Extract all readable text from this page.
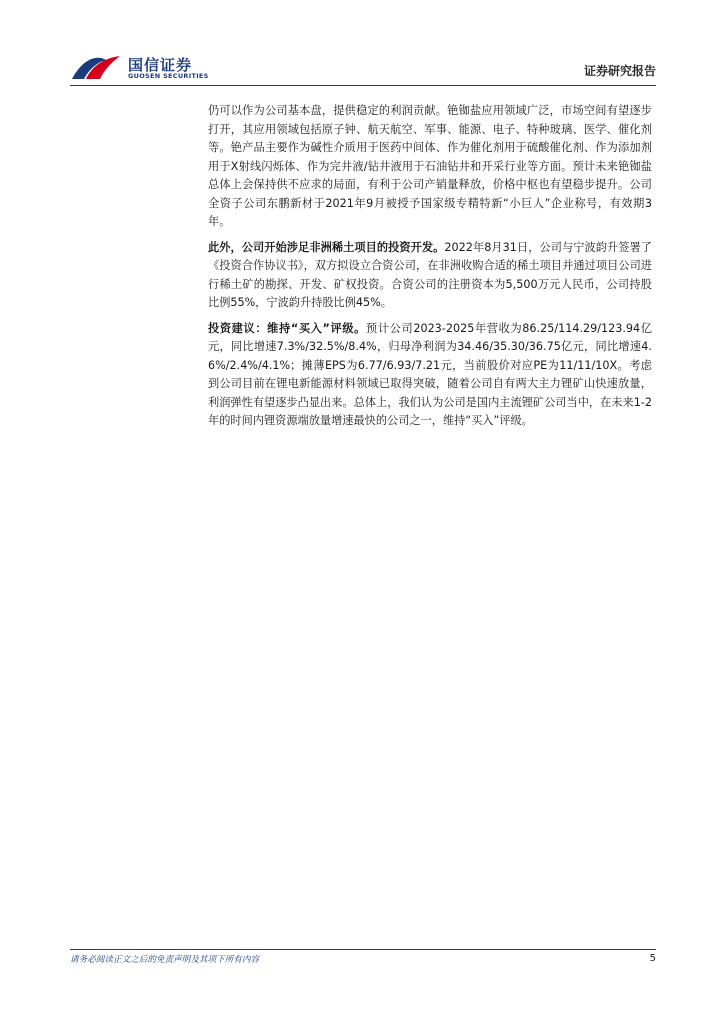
国信证券
GUOSEN SECURITIES	证券研究报告

仍可以作为公司基本盘，提供稳定的利润贡献。铯铷盐应用领域广泛，市场空间有望逐步打开，其应用领域包括原子钟、航天航空、军事、能源、电子、特种玻璃、医学、催化剂等。铯产品主要作为碱性介质用于医药中间体、作为催化剂用于硫酸催化剂、作为添加剂用于X射线闪烁体、作为完井液/钻井液用于石油钻井和开采行业等方面。预计未来铯铷盐总体上会保持供不应求的局面，有利于公司产销量释放，价格中枢也有望稳步提升。公司全资子公司东鹏新材于2021年9月被授予国家级专精特新“小巨人”企业称号，有效期3年。

此外，公司开始涉足非洲稀土项目的投资开发。2022年8月31日，公司与宁波韵升签署了《投资合作协议书》，双方拟设立合资公司，在非洲收购合适的稀土项目并通过项目公司进行稀土矿的勘探、开发、矿权投资。合资公司的注册资本为5,500万元人民币，公司持股比例55%，宁波韵升持股比例45%。

投资建议：维持“买入”评级。预计公司2023-2025年营收为86.25/114.29/123.94亿元，同比增速7.3%/32.5%/8.4%，归母净利润为34.46/35.30/36.75亿元，同比增速4.6%/2.4%/4.1%；摊薄EPS为6.77/6.93/7.21元，当前股价对应PE为11/11/10X。考虑到公司目前在锂电新能源材料领域已取得突破，随着公司自有两大主力锂矿山快速放量，利润弹性有望逐步凸显出来。总体上，我们认为公司是国内主流锂矿公司当中，在未来1-2年的时间内锂资源端放量增速最快的公司之一，维持“买入”评级。

请务必阅读正文之后的免责声明及其项下所有内容	5
